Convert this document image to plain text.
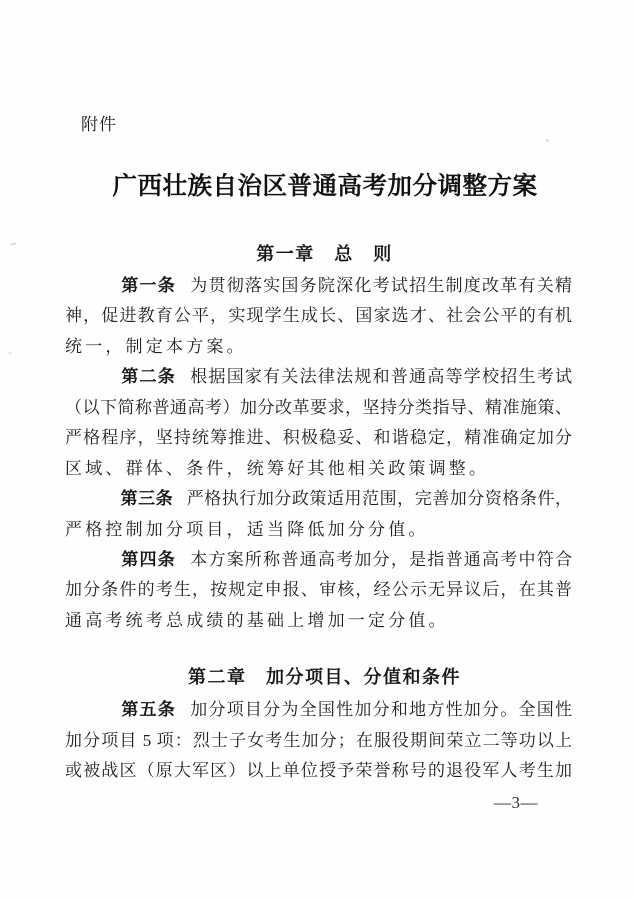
附件
广西壮族自治区普通高考加分调整方案
第一章　总　则
第一条 为贯彻落实国务院深化考试招生制度改革有关精
神，促进教育公平，实现学生成长、国家选才、社会公平的有机
统一，制定本方案。
第二条 根据国家有关法律法规和普通高等学校招生考试
（以下简称普通高考）加分改革要求，坚持分类指导、精准施策、
严格程序，坚持统筹推进、积极稳妥、和谐稳定，精准确定加分
区域、群体、条件，统筹好其他相关政策调整。
第三条 严格执行加分政策适用范围，完善加分资格条件，
严格控制加分项目，适当降低加分分值。
第四条 本方案所称普通高考加分，是指普通高考中符合
加分条件的考生，按规定申报、审核，经公示无异议后，在其普
通高考统考总成绩的基础上增加一定分值。
第二章　加分项目、分值和条件
第五条 加分项目分为全国性加分和地方性加分。全国性
加分项目 5 项：烈士子女考生加分；在服役期间荣立二等功以上
或被战区（原大军区）以上单位授予荣誉称号的退役军人考生加
—3—
